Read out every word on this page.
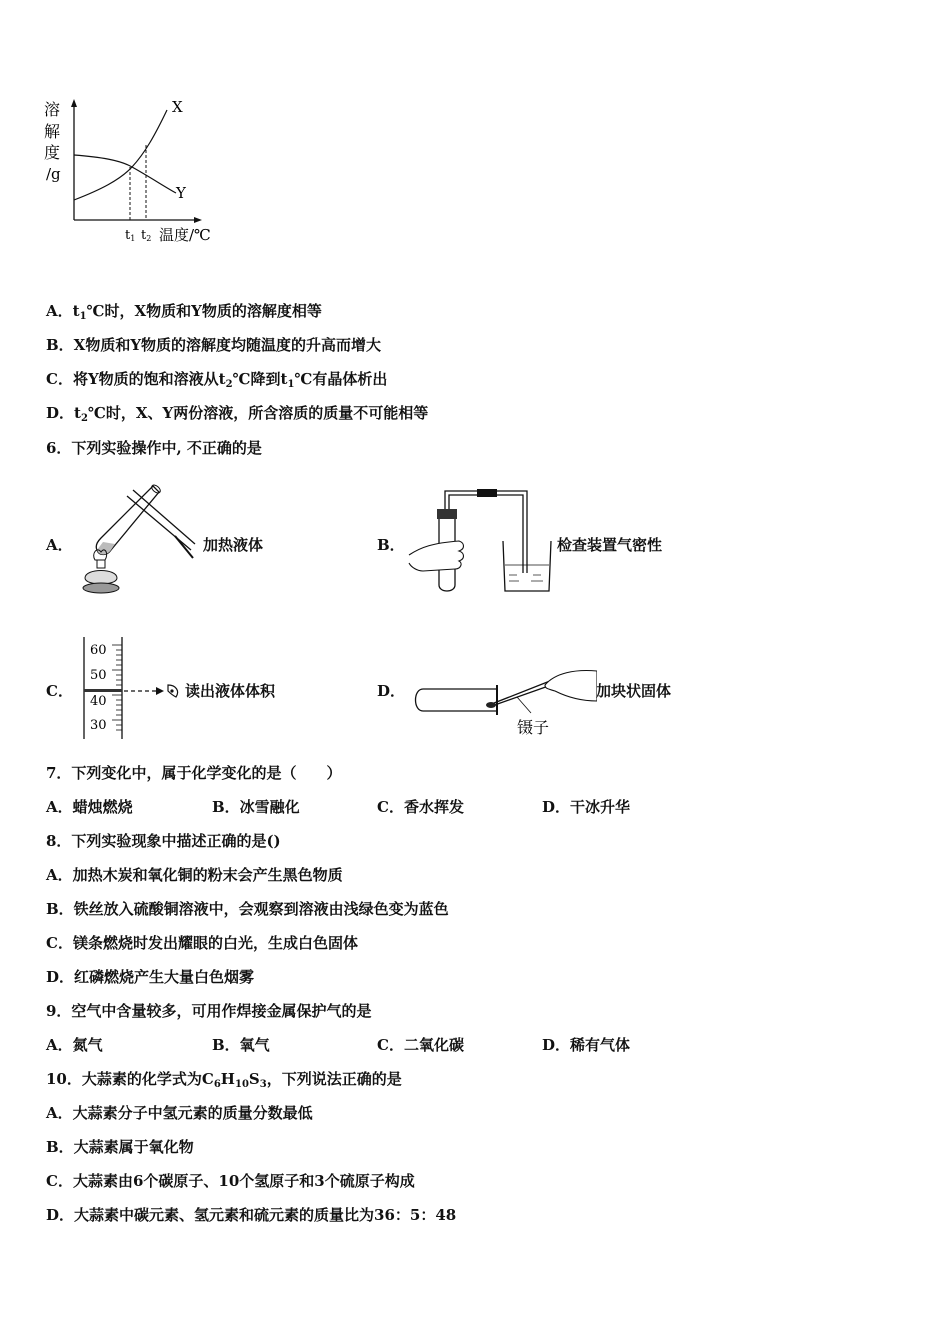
溶
解
度
/g
X
Y
t1 t2 温度/℃
A．$t_1℃$时，X物质和Y物质的溶解度相等
B．X物质和Y物质的溶解度均随温度的升高而增大
C．将Y物质的饱和溶液从$t_2℃$降到$t_1℃$有晶体析出
D．$t_2℃$时，X、Y两份溶液，所含溶质的质量不可能相等
6．下列实验操作中, 不正确的是
A．	加热液体	B．	检查装置气密性
C．
60
50
40
30
读出液体体积	D．
镊子
加块状固体
7．下列变化中，属于化学变化的是（　　）
A．蜡烛燃烧	B．冰雪融化	C．香水挥发	D．干冰升华
8．下列实验现象中描述正确的是()
A．加热木炭和氧化铜的粉末会产生黑色物质
B．铁丝放入硫酸铜溶液中，会观察到溶液由浅绿色变为蓝色
C．镁条燃烧时发出耀眼的白光，生成白色固体
D．红磷燃烧产生大量白色烟雾
9．空气中含量较多，可用作焊接金属保护气的是
A．氮气	B．氧气	C．二氧化碳	D．稀有气体
10．大蒜素的化学式为$C_6H_{10}S_3$，下列说法正确的是
A．大蒜素分子中氢元素的质量分数最低
B．大蒜素属于氧化物
C．大蒜素由6个碳原子、10个氢原子和3个硫原子构成
D．大蒜素中碳元素、氢元素和硫元素的质量比为36：5：48
